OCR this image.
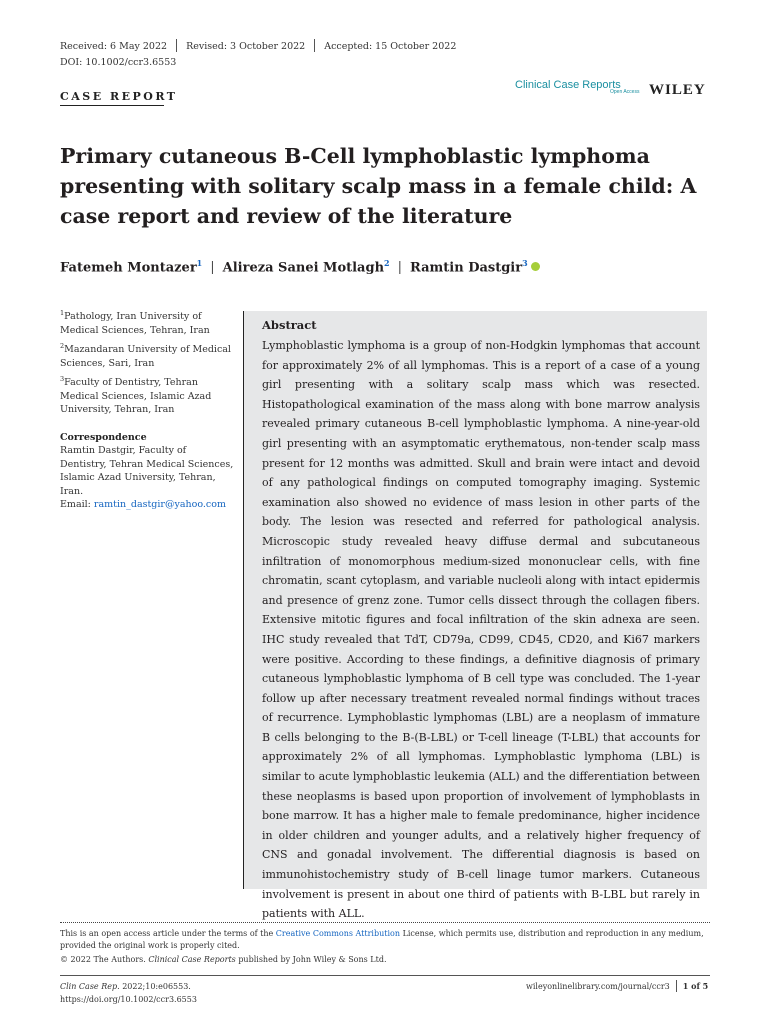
Received: 6 May 2022 Revised: 3 October 2022 Accepted: 15 October 2022
DOI: 10.1002/ccr3.6553
CASE REPORT
Clinical Case Reports
Open Access WILEY
Primary cutaneous B-Cell lymphoblastic lymphoma presenting with solitary scalp mass in a female child: A case report and review of the literature
Fatemeh Montazer$^1$ | Alireza Sanei Motlagh$^2$ | Ramtin Dastgir$^3$
$^1$Pathology, Iran University of Medical Sciences, Tehran, Iran
$^2$Mazandaran University of Medical Sciences, Sari, Iran
$^3$Faculty of Dentistry, Tehran Medical Sciences, Islamic Azad University, Tehran, Iran
Correspondence
Ramtin Dastgir, Faculty of Dentistry, Tehran Medical Sciences, Islamic Azad University, Tehran, Iran.
Email: ramtin_dastgir@yahoo.com
Abstract
Lymphoblastic lymphoma is a group of non-Hodgkin lymphomas that account for approximately 2% of all lymphomas. This is a report of a case of a young girl presenting with a solitary scalp mass which was resected. Histopathological examination of the mass along with bone marrow analysis revealed primary cutaneous B-cell lymphoblastic lymphoma. A nine-year-old girl presenting with an asymptomatic erythematous, non-tender scalp mass present for 12 months was admitted. Skull and brain were intact and devoid of any pathological findings on computed tomography imaging. Systemic examination also showed no evidence of mass lesion in other parts of the body. The lesion was resected and referred for pathological analysis. Microscopic study revealed heavy diffuse dermal and subcutaneous infiltration of monomorphous medium-sized mononuclear cells, with fine chromatin, scant cytoplasm, and variable nucleoli along with intact epidermis and presence of grenz zone. Tumor cells dissect through the collagen fibers. Extensive mitotic figures and focal infiltration of the skin adnexa are seen. IHC study revealed that TdT, CD79a, CD99, CD45, CD20, and Ki67 markers were positive. According to these findings, a definitive diagnosis of primary cutaneous lymphoblastic lymphoma of B cell type was concluded. The 1-year follow up after necessary treatment revealed normal findings without traces of recurrence. Lymphoblastic lymphomas (LBL) are a neoplasm of immature B cells belonging to the B-(B-LBL) or T-cell lineage (T-LBL) that accounts for approximately 2% of all lymphomas. Lymphoblastic lymphoma (LBL) is similar to acute lymphoblastic leukemia (ALL) and the differentiation between these neoplasms is based upon proportion of involvement of lymphoblasts in bone marrow. It has a higher male to female predominance, higher incidence in older children and younger adults, and a relatively higher frequency of CNS and gonadal involvement. The differential diagnosis is based on immunohistochemistry study of B-cell linage tumor markers. Cutaneous involvement is present in about one third of patients with B-LBL but rarely in patients with ALL.
This is an open access article under the terms of the Creative Commons Attribution License, which permits use, distribution and reproduction in any medium, provided the original work is properly cited.
© 2022 The Authors. Clinical Case Reports published by John Wiley & Sons Ltd.
Clin Case Rep. 2022;10:e06553.
https://doi.org/10.1002/ccr3.6553
wileyonlinelibrary.com/journal/ccr3 1 of 5
